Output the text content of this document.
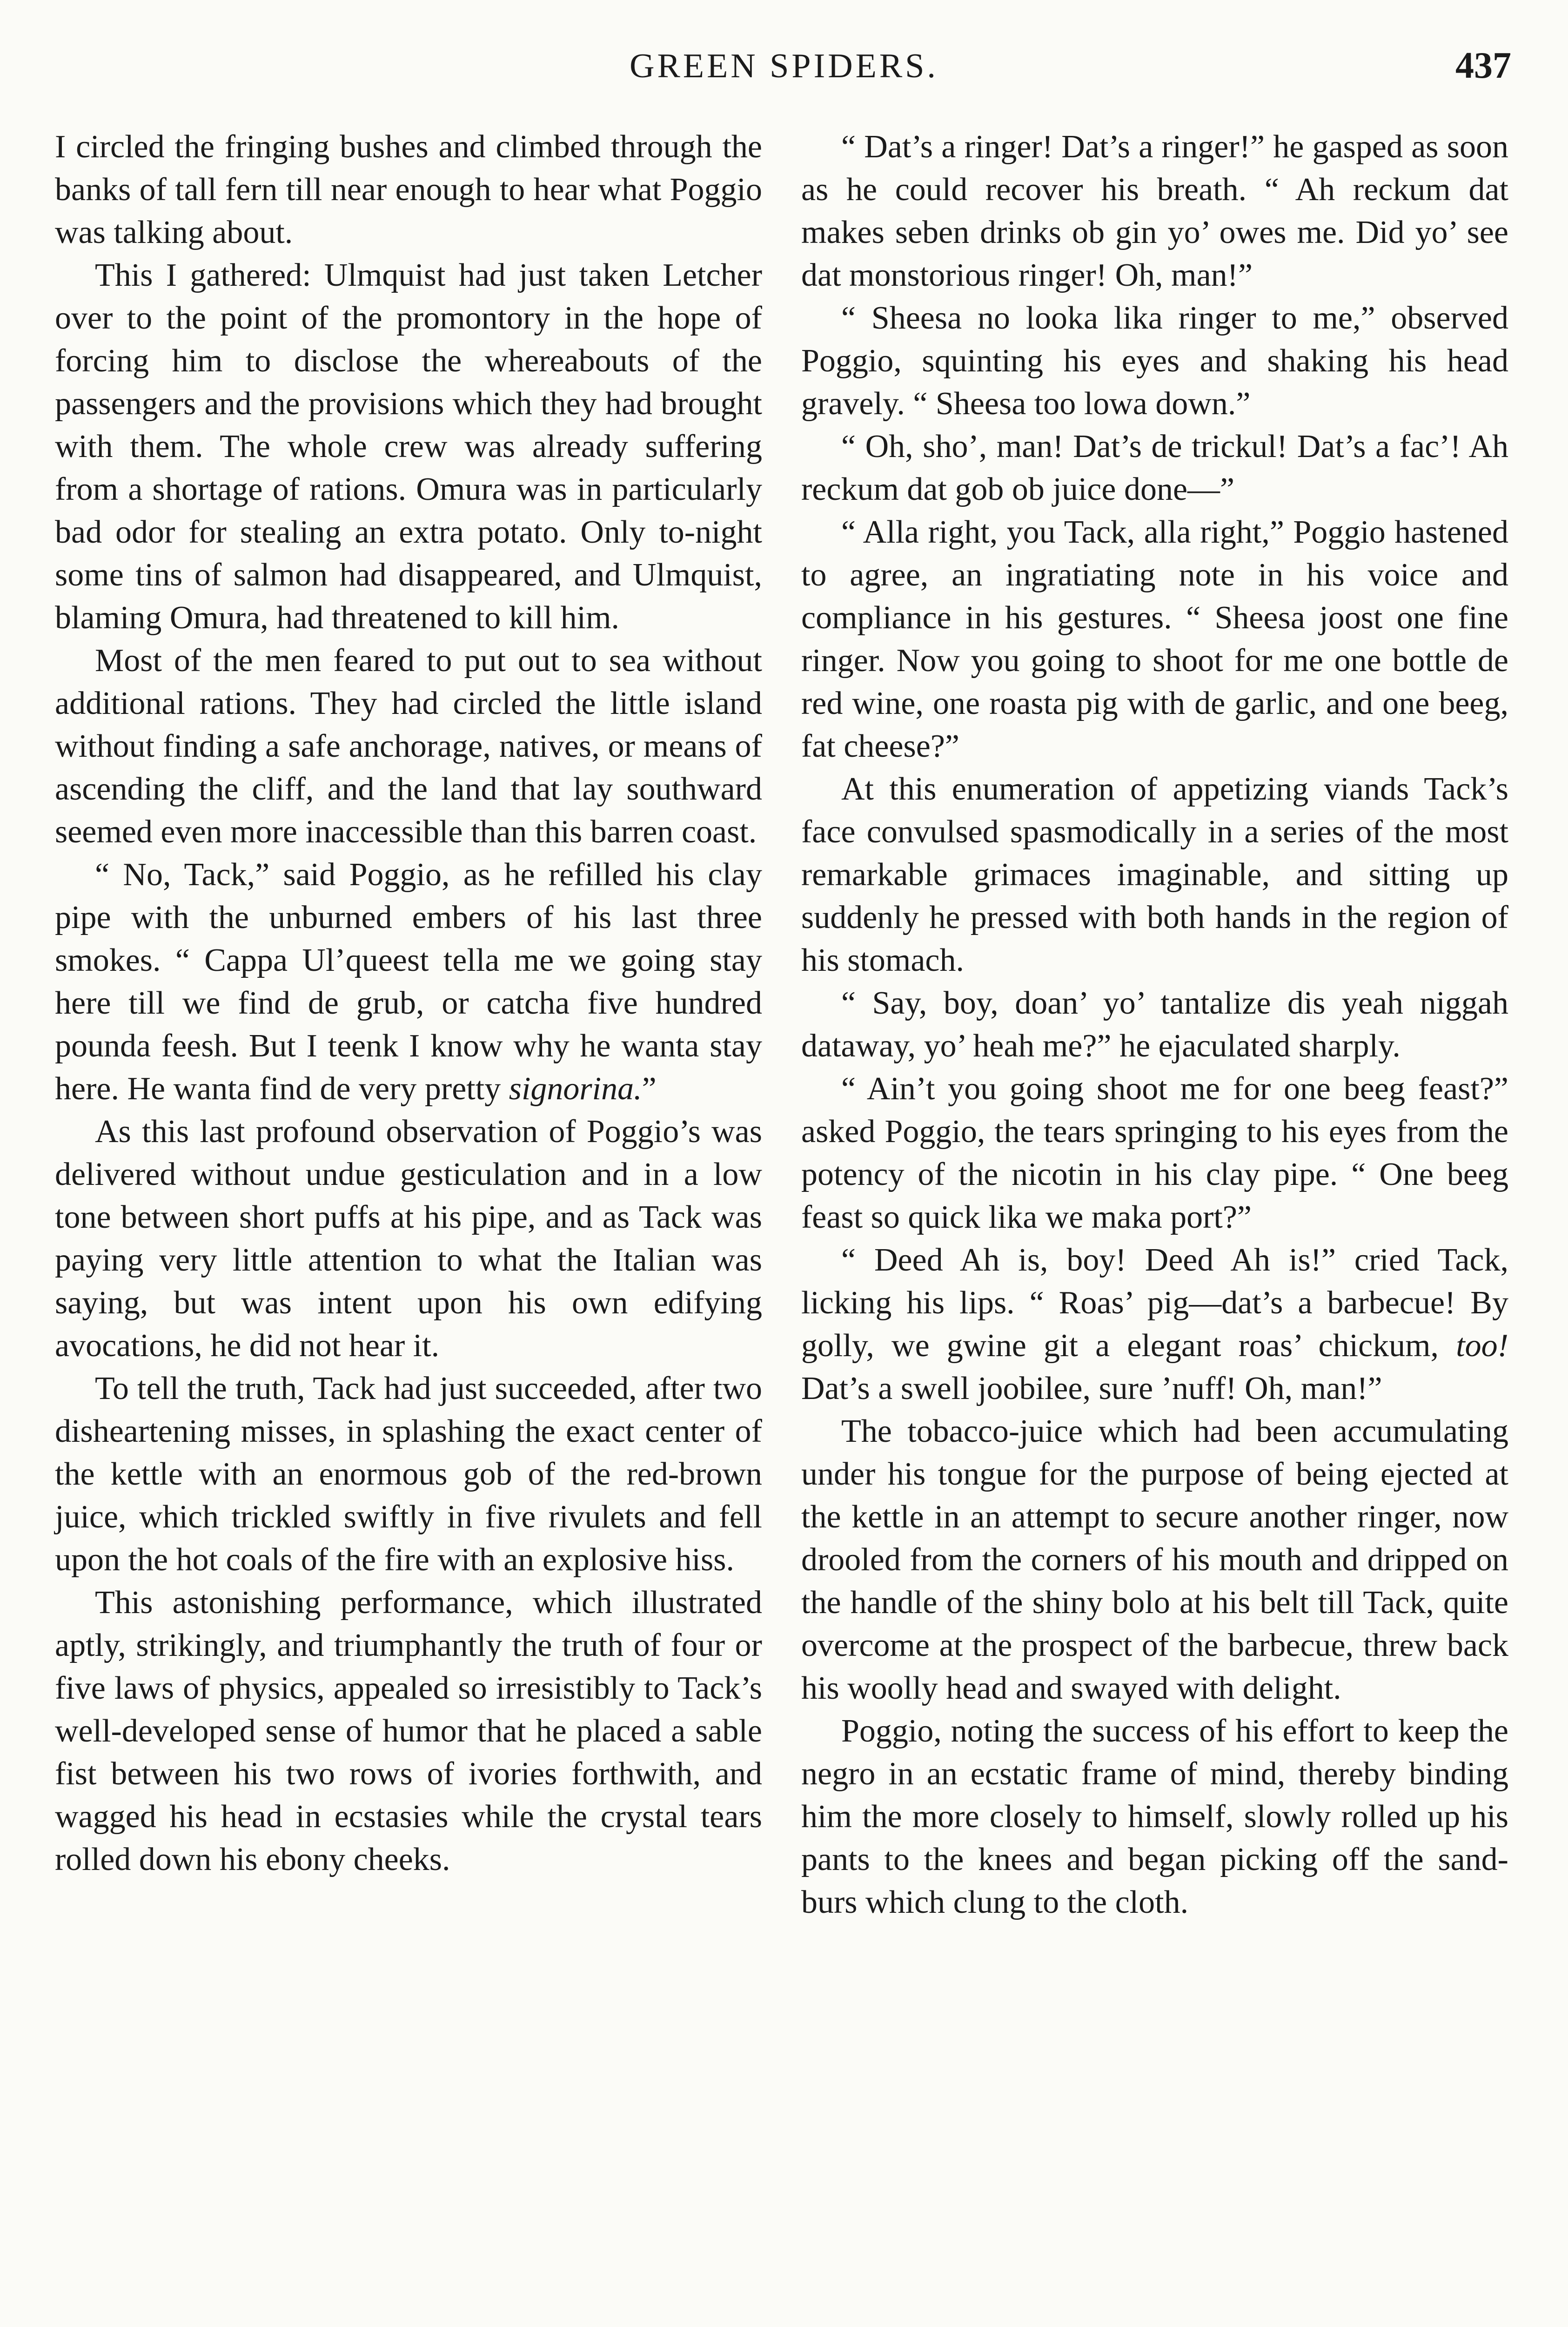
GREEN SPIDERS.	437

I circled the fringing bushes and climbed through the banks of tall fern till near enough to hear what Poggio was talking about.

This I gathered: Ulmquist had just taken Letcher over to the point of the promontory in the hope of forcing him to disclose the whereabouts of the passengers and the provisions which they had brought with them. The whole crew was already suffering from a shortage of rations. Omura was in particularly bad odor for stealing an extra potato. Only to-night some tins of salmon had disappeared, and Ulmquist, blaming Omura, had threatened to kill him.

Most of the men feared to put out to sea without additional rations. They had circled the little island without finding a safe anchorage, natives, or means of ascending the cliff, and the land that lay southward seemed even more inaccessible than this barren coast.

“ No, Tack,” said Poggio, as he refilled his clay pipe with the unburned embers of his last three smokes. “ Cappa Ul’queest tella me we going stay here till we find de grub, or catcha five hundred pounda feesh. But I teenk I know why he wanta stay here. He wanta find de very pretty signorina.”

As this last profound observation of Poggio’s was delivered without undue gesticulation and in a low tone between short puffs at his pipe, and as Tack was paying very little attention to what the Italian was saying, but was intent upon his own edifying avocations, he did not hear it.

To tell the truth, Tack had just succeeded, after two disheartening misses, in splashing the exact center of the kettle with an enormous gob of the red-brown juice, which trickled swiftly in five rivulets and fell upon the hot coals of the fire with an explosive hiss.

This astonishing performance, which illustrated aptly, strikingly, and triumphantly the truth of four or five laws of physics, appealed so irresistibly to Tack’s well-developed sense of humor that he placed a sable fist between his two rows of ivories forthwith, and wagged his head in ecstasies while the crystal tears rolled down his ebony cheeks.

“ Dat’s a ringer! Dat’s a ringer!” he gasped as soon as he could recover his breath. “ Ah reckum dat makes seben drinks ob gin yo’ owes me. Did yo’ see dat monstorious ringer! Oh, man!”

“ Sheesa no looka lika ringer to me,” observed Poggio, squinting his eyes and shaking his head gravely. “ Sheesa too lowa down.”

“ Oh, sho’, man! Dat’s de trickul! Dat’s a fac’! Ah reckum dat gob ob juice done—”

“ Alla right, you Tack, alla right,” Poggio hastened to agree, an ingratiating note in his voice and compliance in his gestures. “ Sheesa joost one fine ringer. Now you going to shoot for me one bottle de red wine, one roasta pig with de garlic, and one beeg, fat cheese?”

At this enumeration of appetizing viands Tack’s face convulsed spasmodically in a series of the most remarkable grimaces imaginable, and sitting up suddenly he pressed with both hands in the region of his stomach.

“ Say, boy, doan’ yo’ tantalize dis yeah niggah dataway, yo’ heah me?” he ejaculated sharply.

“ Ain’t you going shoot me for one beeg feast?” asked Poggio, the tears springing to his eyes from the potency of the nicotin in his clay pipe. “ One beeg feast so quick lika we maka port?”

“ Deed Ah is, boy! Deed Ah is!” cried Tack, licking his lips. “ Roas’ pig—dat’s a barbecue! By golly, we gwine git a elegant roas’ chickum, too! Dat’s a swell joobilee, sure ’nuff! Oh, man!”

The tobacco-juice which had been accumulating under his tongue for the purpose of being ejected at the kettle in an attempt to secure another ringer, now drooled from the corners of his mouth and dripped on the handle of the shiny bolo at his belt till Tack, quite overcome at the prospect of the barbecue, threw back his woolly head and swayed with delight.

Poggio, noting the success of his effort to keep the negro in an ecstatic frame of mind, thereby binding him the more closely to himself, slowly rolled up his pants to the knees and began picking off the sand-burs which clung to the cloth.
